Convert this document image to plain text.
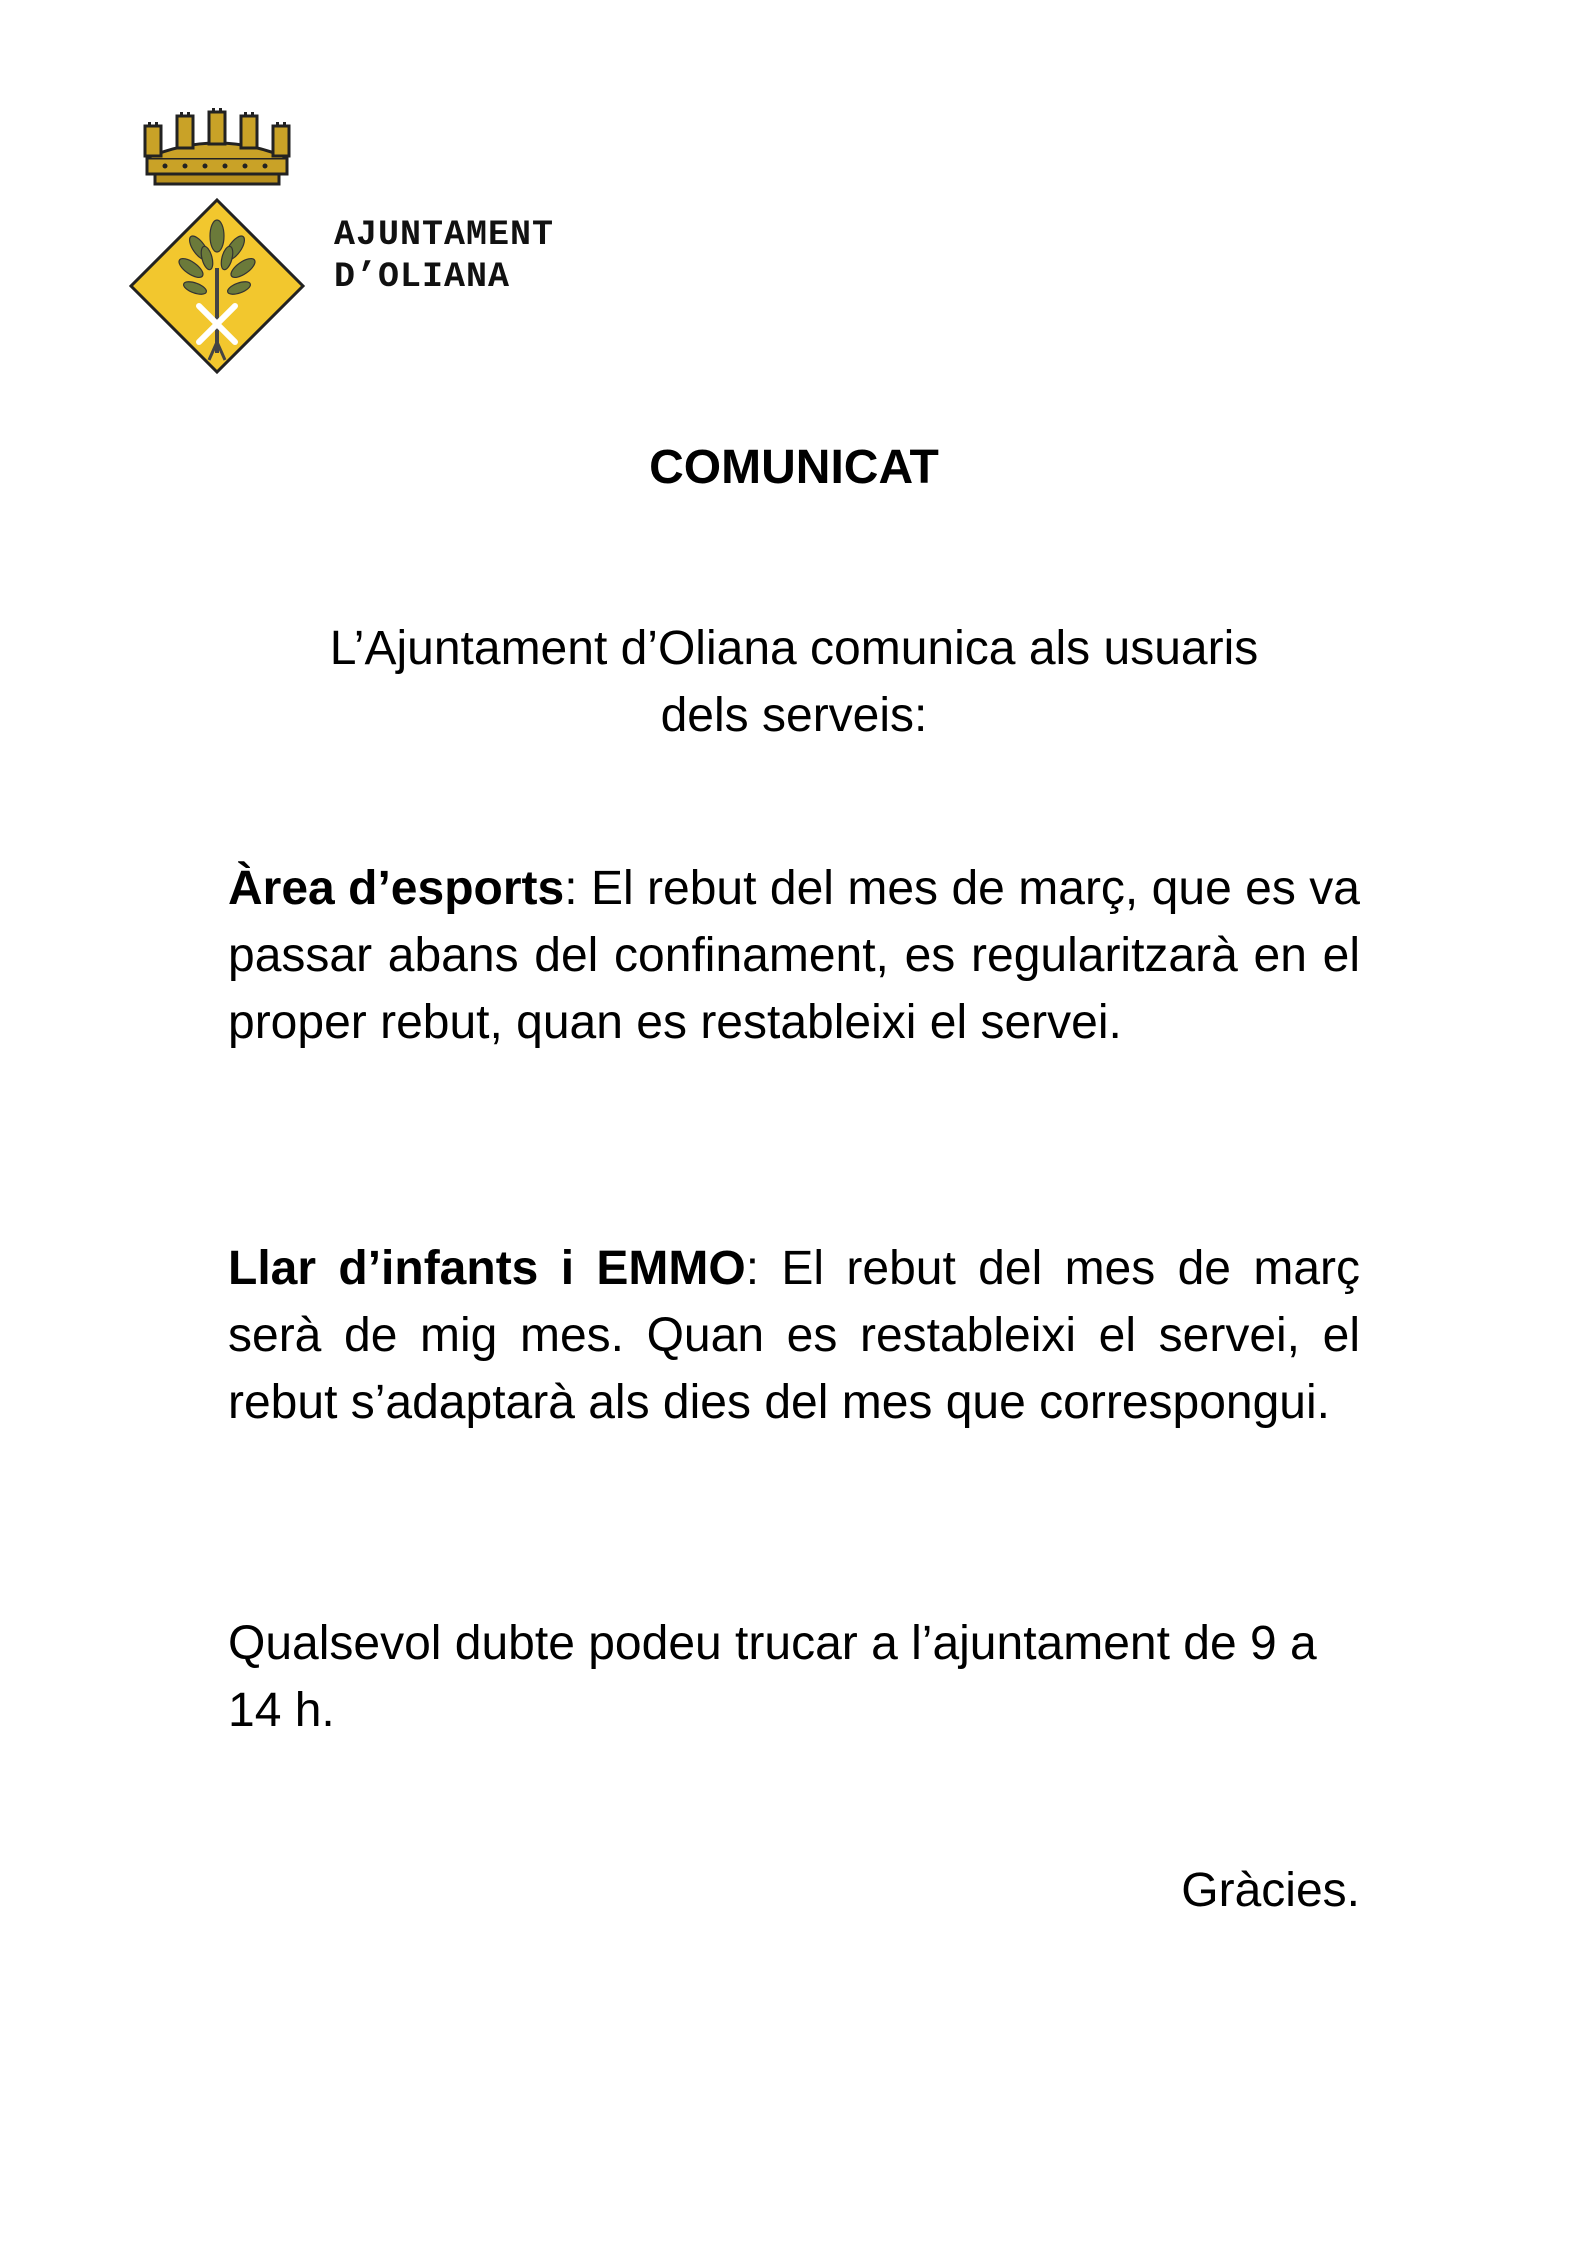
AJUNTAMENT
D’OLIANA
COMUNICAT
L’Ajuntament d’Oliana comunica als usuaris
dels serveis:
Àrea d’esports: El rebut del mes de març, que es va passar abans del confinament, es regularitzarà en el proper rebut, quan es restableixi el servei.
Llar d’infants i EMMO: El rebut del mes de març serà de mig mes. Quan es restableixi el servei, el rebut s’adaptarà als dies del mes que correspongui.
Qualsevol dubte podeu trucar a l’ajuntament de 9 a 14 h.
Gràcies.
